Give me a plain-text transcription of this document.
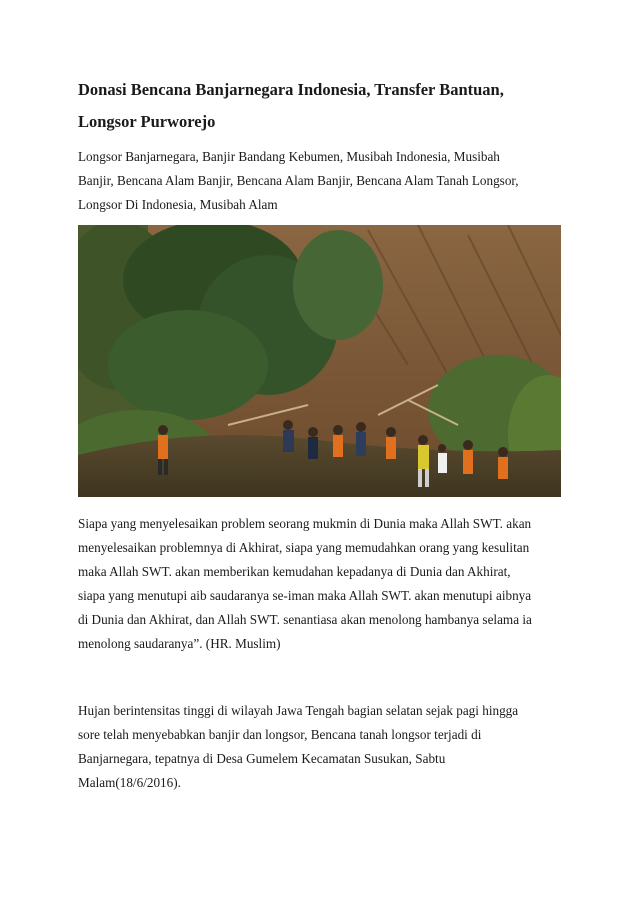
Donasi Bencana Banjarnegara Indonesia, Transfer Bantuan,
Longsor Purworejo

Longsor Banjarnegara, Banjir Bandang Kebumen, Musibah Indonesia, Musibah
Banjir, Bencana Alam Banjir, Bencana Alam Banjir, Bencana Alam Tanah Longsor,
Longsor Di Indonesia, Musibah Alam

Siapa yang menyelesaikan problem seorang mukmin di Dunia maka Allah SWT. akan
menyelesaikan problemnya di Akhirat, siapa yang memudahkan orang yang kesulitan
maka Allah SWT. akan memberikan kemudahan kepadanya di Dunia dan Akhirat,
siapa yang menutupi aib saudaranya se-iman maka Allah SWT. akan menutupi aibnya
di Dunia dan Akhirat, dan Allah SWT. senantiasa akan menolong hambanya selama ia
menolong saudaranya”. (HR. Muslim)

Hujan berintensitas tinggi di wilayah Jawa Tengah bagian selatan sejak pagi hingga
sore telah menyebabkan banjir dan longsor, Bencana tanah longsor terjadi di
Banjarnegara, tepatnya di Desa Gumelem Kecamatan Susukan, Sabtu
Malam(18/6/2016).
